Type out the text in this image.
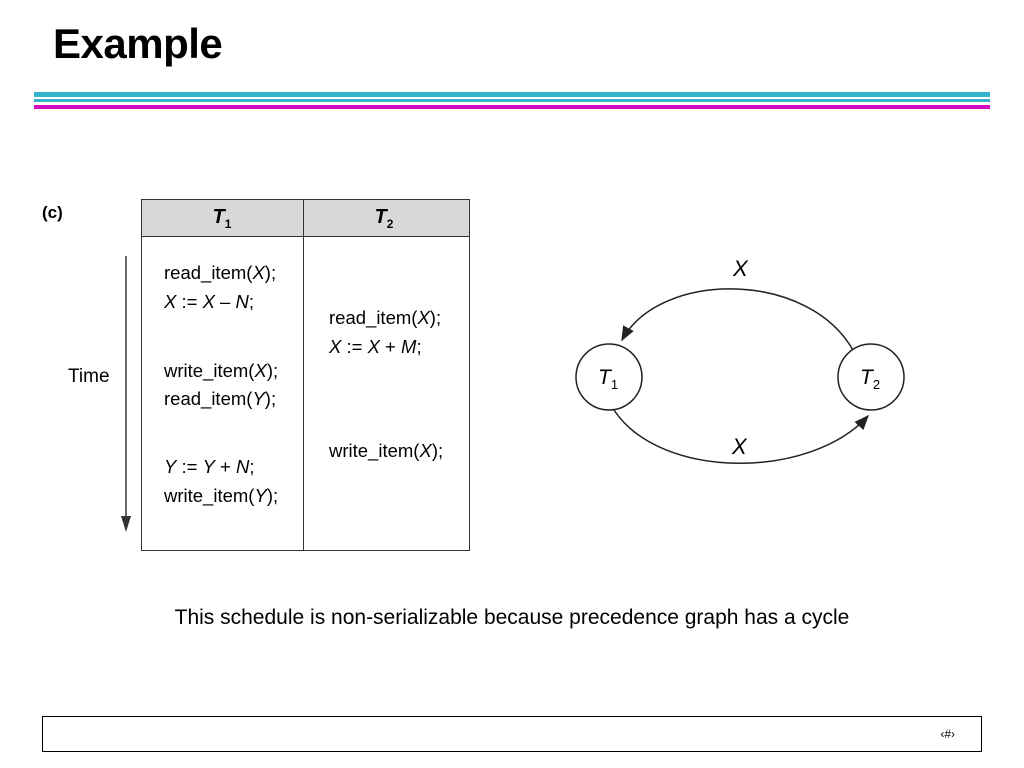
Example
(c)
Time
$T_1$	$T_2$
read_item(X);
X := X – N;
write_item(X);
read_item(Y);
Y := Y + N;
write_item(Y);
read_item(X);
X := X + M;
write_item(X);
$T_1$	$T_2$
X
X
This schedule is non-serializable because precedence graph has a cycle
‹#›
